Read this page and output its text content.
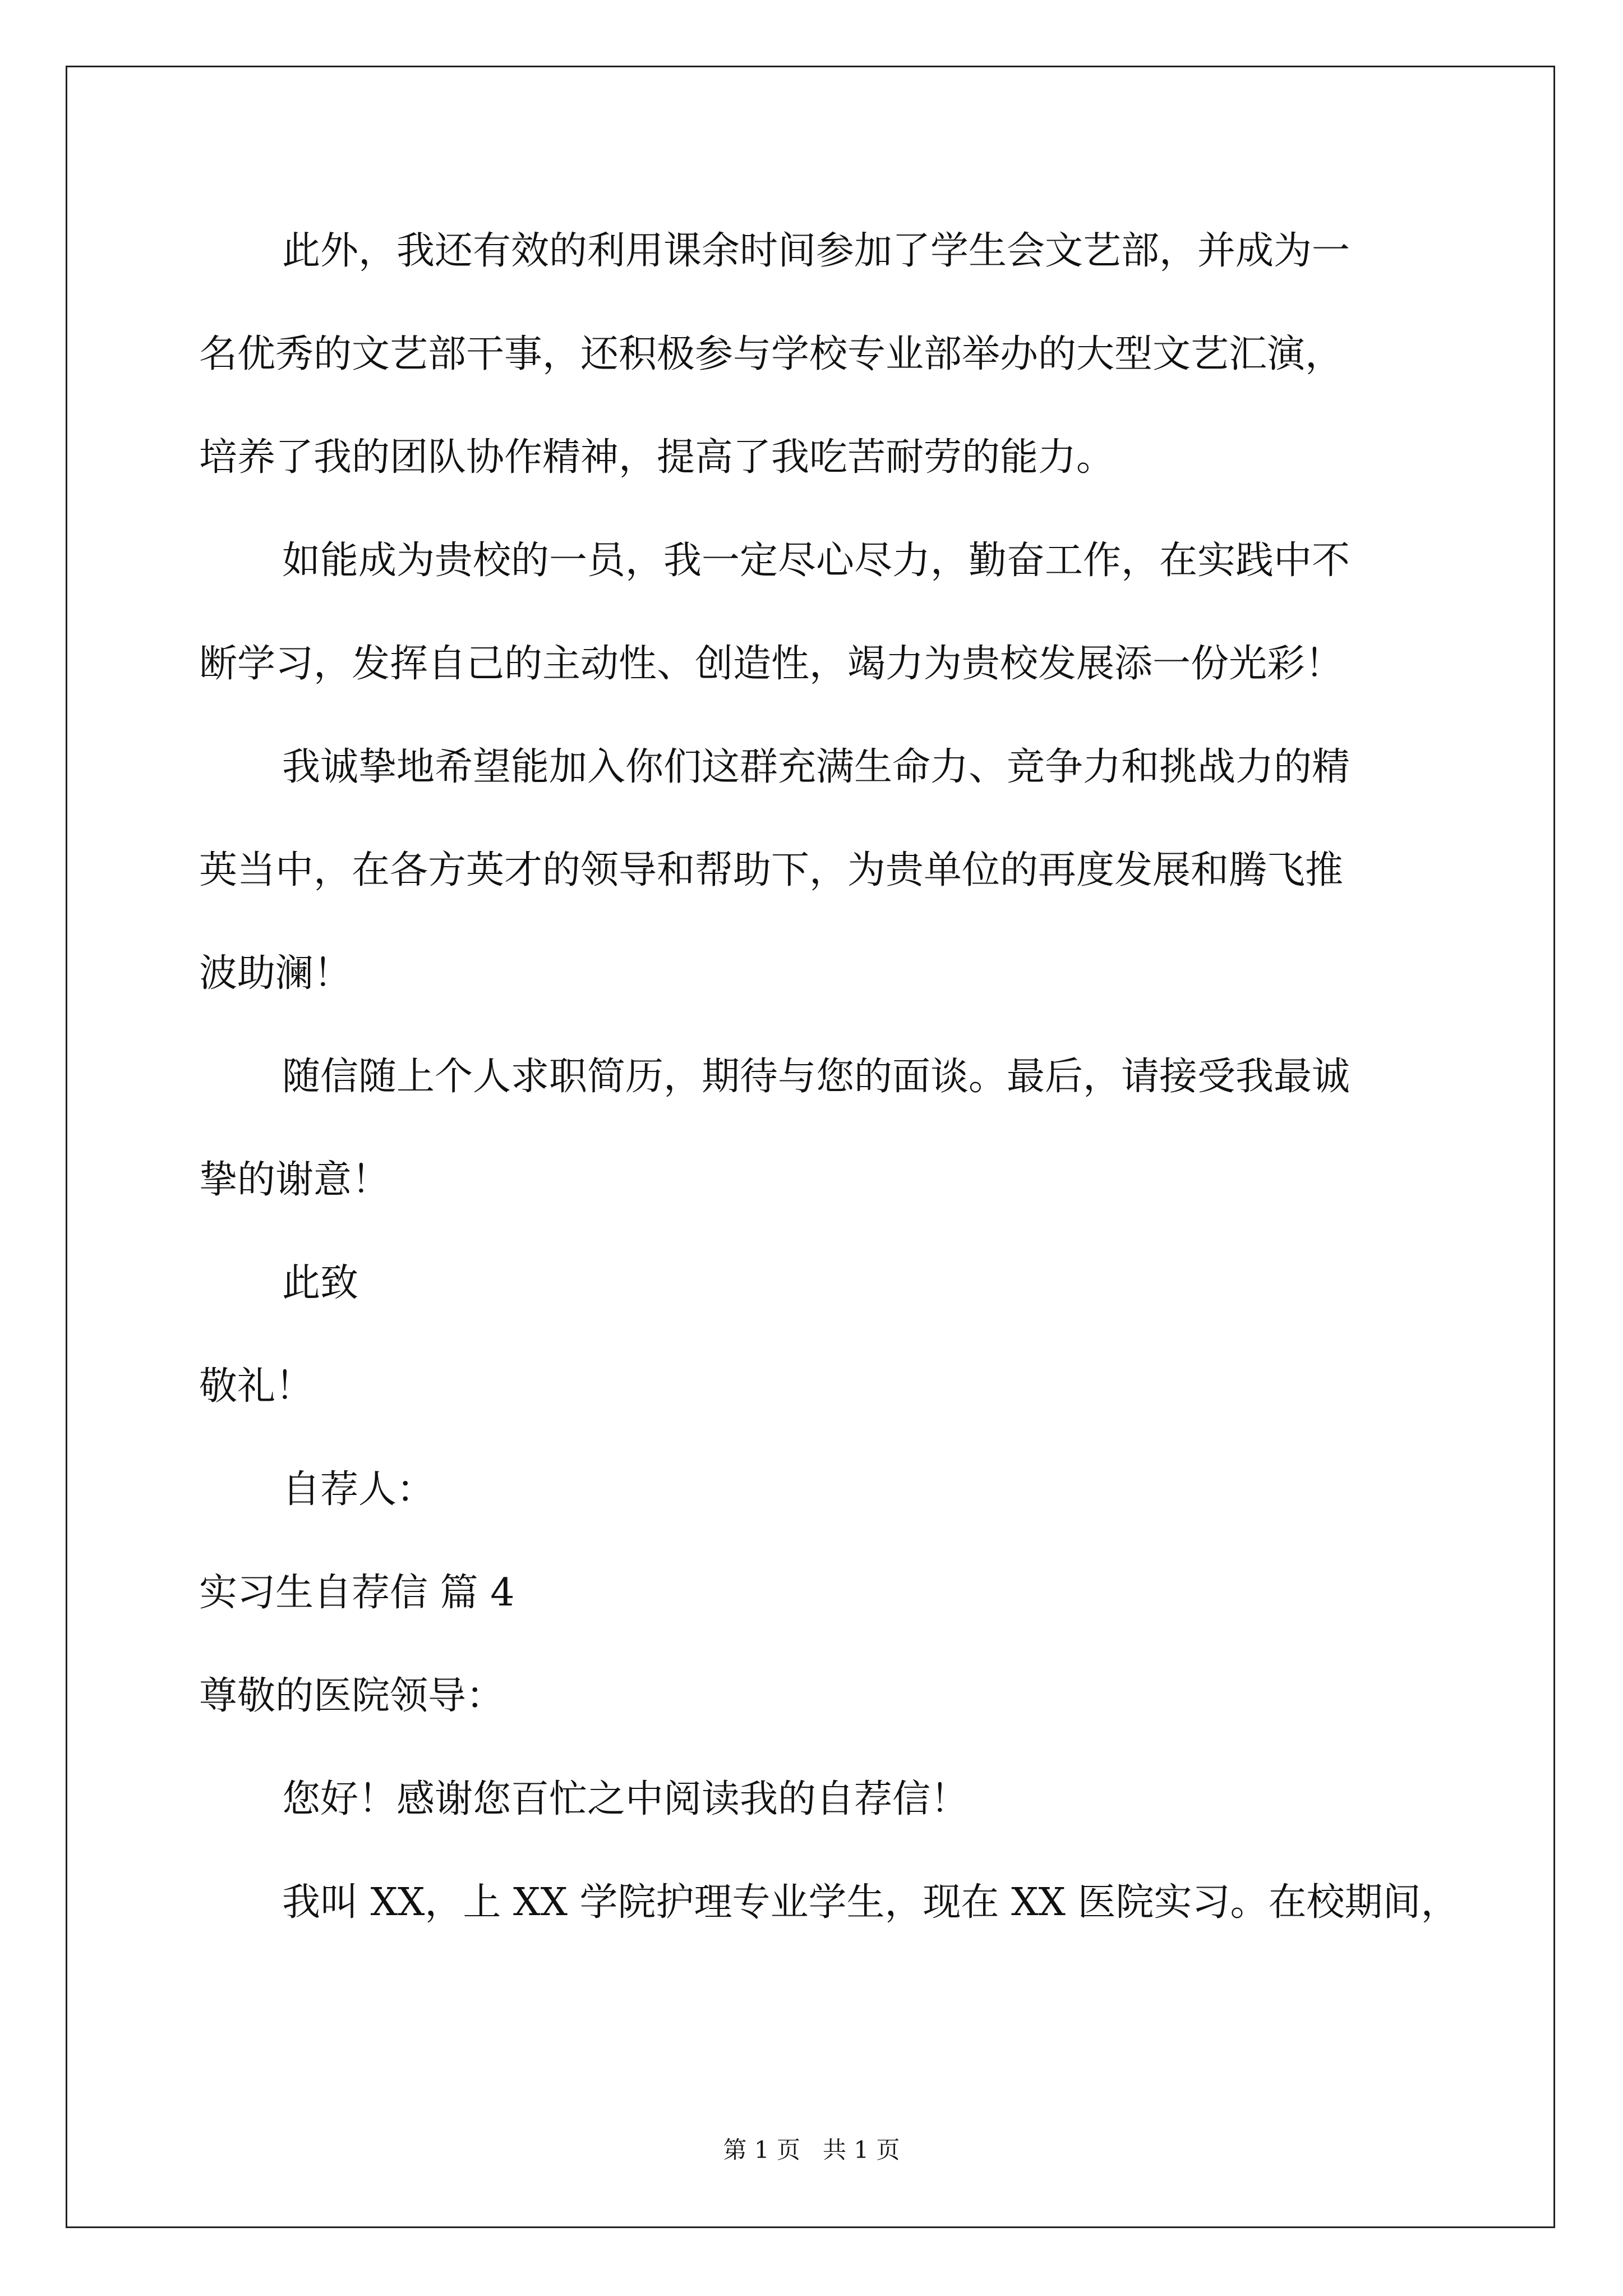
此外，我还有效的利用课余时间参加了学生会文艺部，并成为一
名优秀的文艺部干事，还积极参与学校专业部举办的大型文艺汇演，
培养了我的团队协作精神，提高了我吃苦耐劳的能力。
如能成为贵校的一员，我一定尽心尽力，勤奋工作，在实践中不
断学习，发挥自己的主动性、创造性，竭力为贵校发展添一份光彩！
我诚挚地希望能加入你们这群充满生命力、竞争力和挑战力的精
英当中，在各方英才的领导和帮助下，为贵单位的再度发展和腾飞推
波助澜！
随信随上个人求职简历，期待与您的面谈。最后，请接受我最诚
挚的谢意！
此致
敬礼！
自荐人：
实习生自荐信 篇 4
尊敬的医院领导：
您好！感谢您百忙之中阅读我的自荐信！
我叫 XX，上 XX 学院护理专业学生，现在 XX 医院实习。在校期间，
第 1 页   共 1 页
